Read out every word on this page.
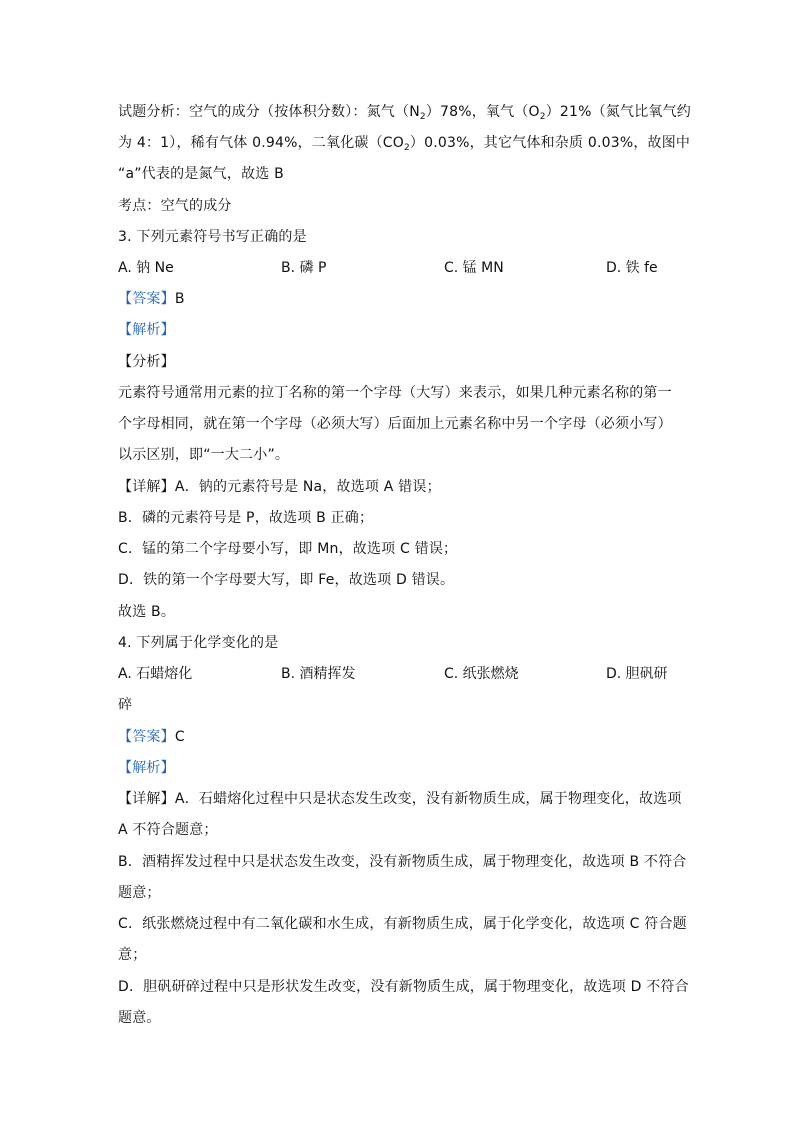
试题分析：空气的成分（按体积分数）：氮气$(N_2)78\%$，氧气$(O_2)21\%$（氮气比氧气约
为 4：1），稀有气体 0.94%，二氧化碳$(CO_2)0.03\%$，其它气体和杂质 0.03%，故图中
“a”代表的是氮气，故选 B
考点：空气的成分
3. 下列元素符号书写正确的是
A. 钠 Ne	B. 磷 P	C. 锰 MN	D. 铁 fe
【答案】B
【解析】
【分析】
元素符号通常用元素的拉丁名称的第一个字母（大写）来表示，如果几种元素名称的第一
个字母相同，就在第一个字母（必须大写）后面加上元素名称中另一个字母（必须小写）
以示区别，即“一大二小”。
【详解】A．钠的元素符号是 Na，故选项 A 错误；
B．磷的元素符号是 P，故选项 B 正确；
C．锰的第二个字母要小写，即 Mn，故选项 C 错误；
D．铁的第一个字母要大写，即 Fe，故选项 D 错误。
故选 B。
4. 下列属于化学变化的是
A. 石蜡熔化	B. 酒精挥发	C. 纸张燃烧	D. 胆矾研
碎
【答案】C
【解析】
【详解】A．石蜡熔化过程中只是状态发生改变，没有新物质生成，属于物理变化，故选项
A 不符合题意；
B．酒精挥发过程中只是状态发生改变，没有新物质生成，属于物理变化，故选项 B 不符合
题意；
C．纸张燃烧过程中有二氧化碳和水生成，有新物质生成，属于化学变化，故选项 C 符合题
意；
D．胆矾研碎过程中只是形状发生改变，没有新物质生成，属于物理变化，故选项 D 不符合
题意。
